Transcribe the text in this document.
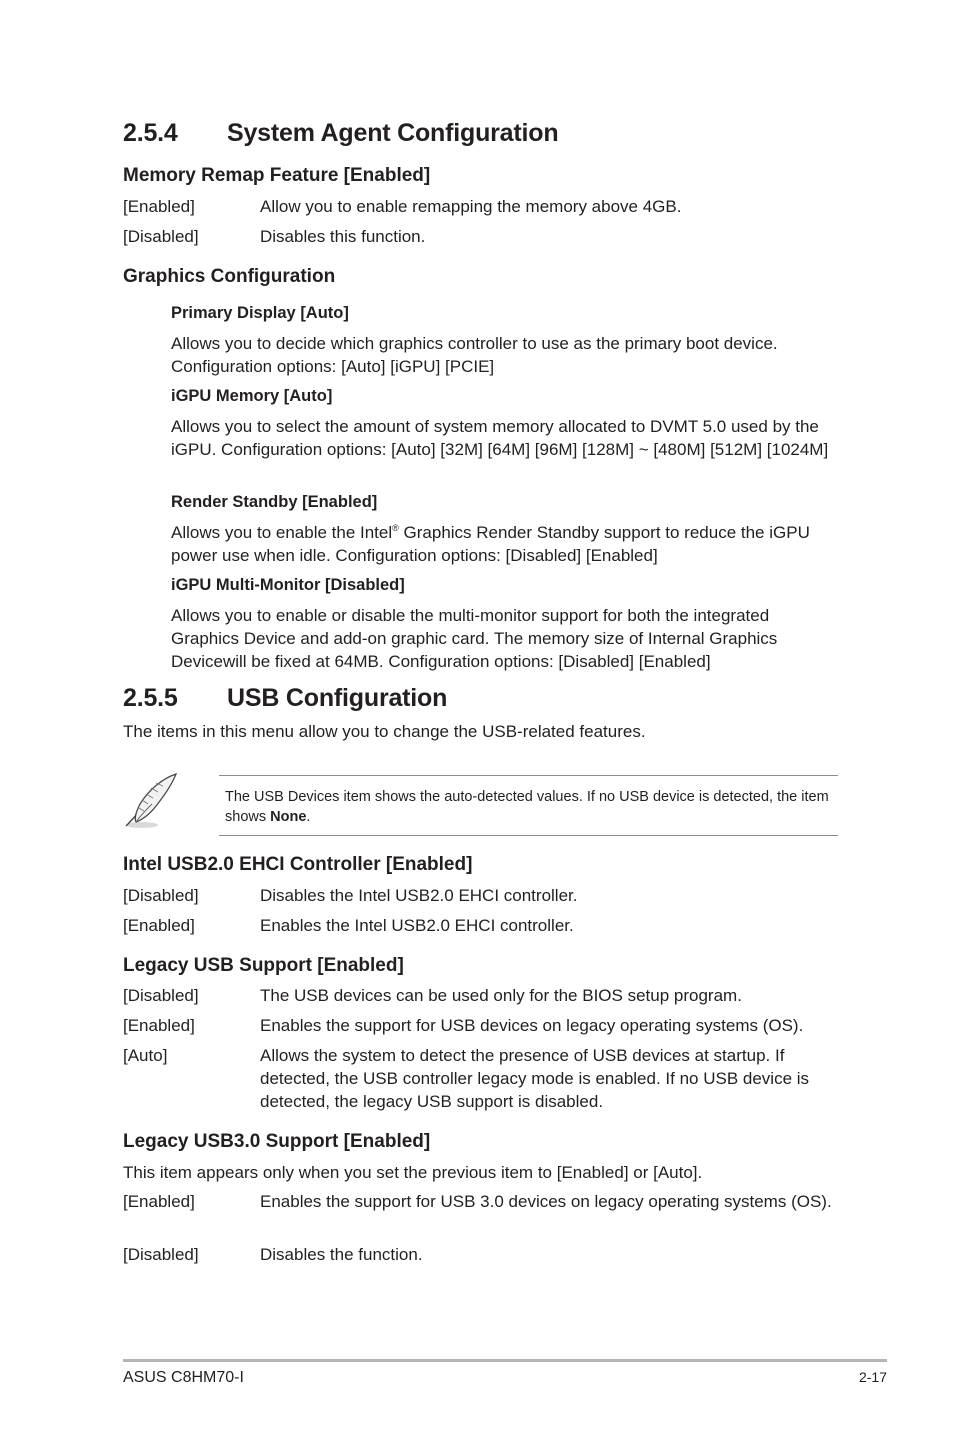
2.5.4 System Agent Configuration
Memory Remap Feature [Enabled]
[Enabled]	Allow you to enable remapping the memory above 4GB.
[Disabled]	Disables this function.
Graphics Configuration
Primary Display [Auto]

Allows you to decide which graphics controller to use as the primary boot device. Configuration options: [Auto] [iGPU] [PCIE]

iGPU Memory [Auto]

Allows you to select the amount of system memory allocated to DVMT 5.0 used by the iGPU. Configuration options: [Auto] [32M] [64M] [96M] [128M] ~ [480M] [512M] [1024M]

Render Standby [Enabled]

Allows you to enable the Intel® Graphics Render Standby support to reduce the iGPU power use when idle. Configuration options: [Disabled] [Enabled]

iGPU Multi-Monitor [Disabled]

Allows you to enable or disable the multi-monitor support for both the integrated Graphics Device and add-on graphic card. The memory size of Internal Graphics Devicewill be fixed at 64MB. Configuration options: [Disabled] [Enabled]

2.5.5 USB Configuration

The items in this menu allow you to change the USB-related features.

The USB Devices item shows the auto-detected values. If no USB device is detected, the item shows None.

Intel USB2.0 EHCI Controller [Enabled]
[Disabled]	Disables the Intel USB2.0 EHCI controller.
[Enabled]	Enables the Intel USB2.0 EHCI controller.
Legacy USB Support [Enabled]
[Disabled]	The USB devices can be used only for the BIOS setup program.
[Enabled]	Enables the support for USB devices on legacy operating systems (OS).
[Auto]	Allows the system to detect the presence of USB devices at startup. If detected, the USB controller legacy mode is enabled. If no USB device is detected, the legacy USB support is disabled.
Legacy USB3.0 Support [Enabled]

This item appears only when you set the previous item to [Enabled] or [Auto].

[Enabled]	Enables the support for USB 3.0 devices on legacy operating systems (OS).
[Disabled]	Disables the function.
ASUS C8HM70-I	2-17
